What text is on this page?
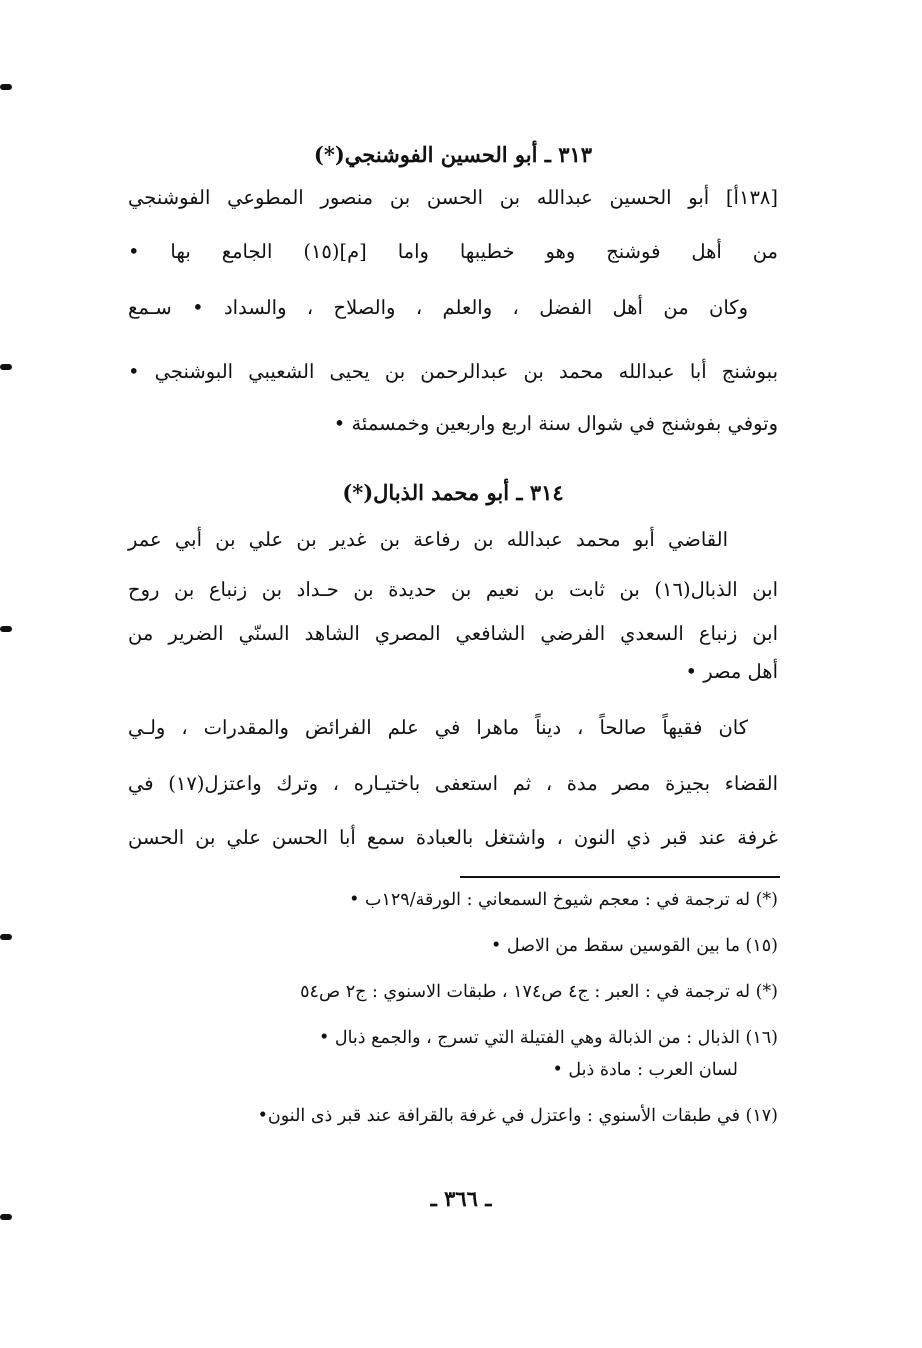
٣١٣ ـ أبو الحسين الفوشنجي(*)
[١٣٨أ] أبو الحسين عبدالله بن الحسن بن منصور المطوعي الفوشنجي
من أهل فوشنج وهو خطيبها واما [م](١٥) الجامع بها •
وكان من أهل الفضل ، والعلم ، والصلاح ، والسداد • سـمع
ببوشنج أبا عبدالله محمد بن عبدالرحمن بن يحيى الشعيبي البوشنجي •
وتوفي بفوشنج في شوال سنة اربع واربعين وخمسمئة •
٣١٤ ـ أبو محمد الذبال(*)
القاضي أبو محمد عبدالله بن رفاعة بن غدير بن علي بن أبي عمر
ابن الذبال(١٦) بن ثابت بن نعيم بن حديدة بن حـداد بن زنباع بن روح
ابن زنباع السعدي الفرضي الشافعي المصري الشاهد السنّي الضرير من
أهل مصر •
كان فقيهاً صالحاً ، ديناً ماهرا في علم الفرائض والمقدرات ، ولـي
القضاء بجيزة مصر مدة ، ثم استعفى باختيـاره ، وترك واعتزل(١٧) في
غرفة عند قبر ذي النون ، واشتغل بالعبادة سمع أبا الحسن علي بن الحسن
(*) له ترجمة في : معجم شيوخ السمعاني : الورقة/١٢٩ب •
(١٥) ما بين القوسين سقط من الاصل •
(*) له ترجمة في : العبر : ج٤ ص١٧٤ ، طبقات الاسنوي : ج٢ ص٥٤
(١٦) الذبال : من الذبالة وهي الفتيلة التي تسرج ، والجمع ذبال •
لسان العرب : مادة ذبل •
(١٧) في طبقات الأسنوي : واعتزل في غرفة بالقرافة عند قبر ذى النون•
ـ ٣٦٦ ـ
